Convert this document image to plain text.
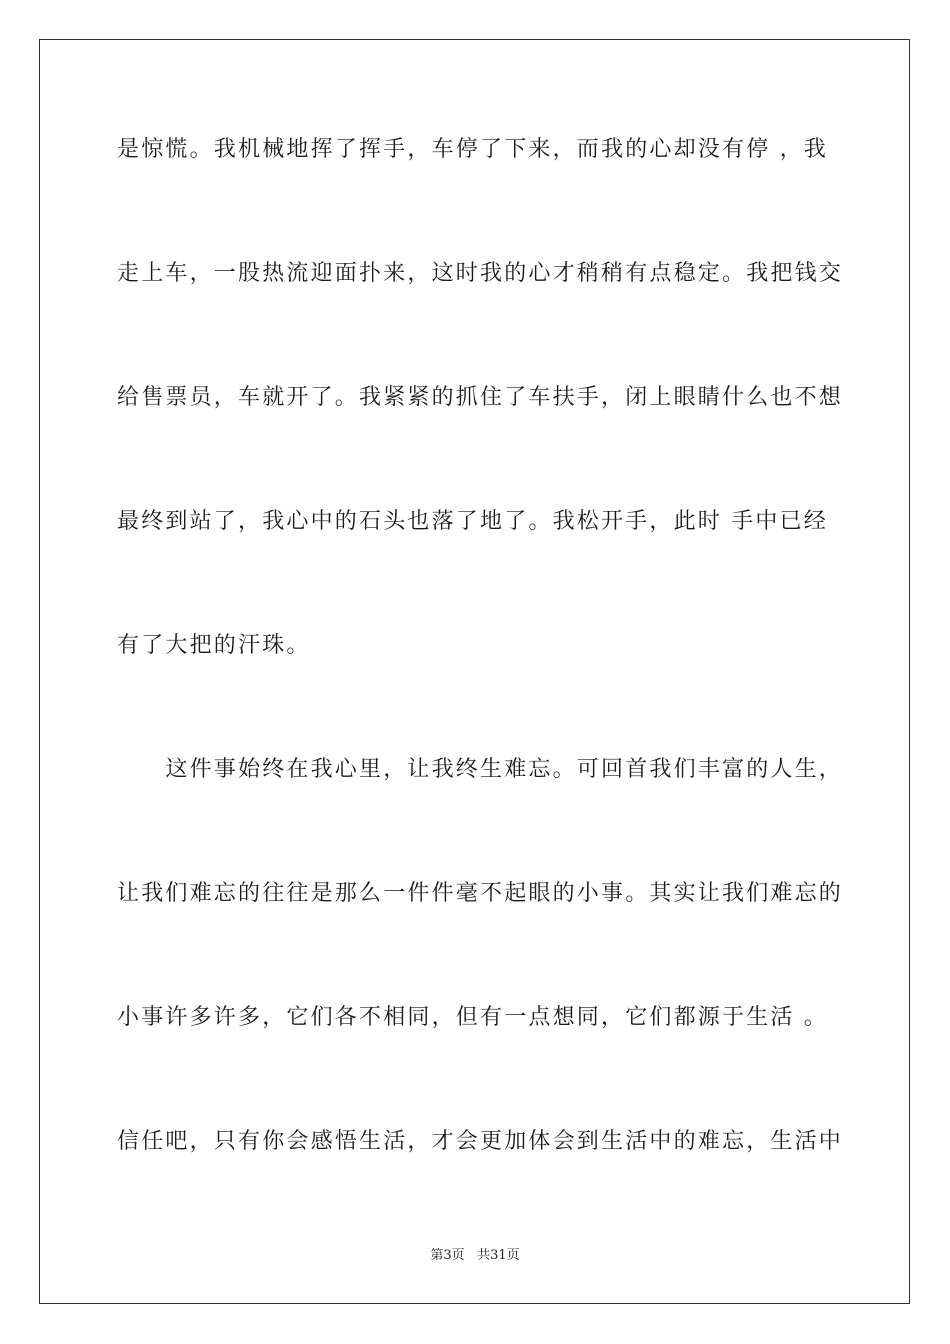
是惊慌。我机械地挥了挥手，车停了下来，而我的心却没有停 ，我
走上车，一股热流迎面扑来，这时我的心才稍稍有点稳定。我把钱交
给售票员，车就开了。我紧紧的抓住了车扶手，闭上眼睛什么也不想
最终到站了，我心中的石头也落了地了。我松开手，此时 手中已经
有了大把的汗珠。
　　这件事始终在我心里，让我终生难忘。可回首我们丰富的人生，
让我们难忘的往往是那么一件件毫不起眼的小事。其实让我们难忘的
小事许多许多，它们各不相同，但有一点想同，它们都源于生活 。
信任吧，只有你会感悟生活，才会更加体会到生活中的难忘，生活中
第3页 共31页
